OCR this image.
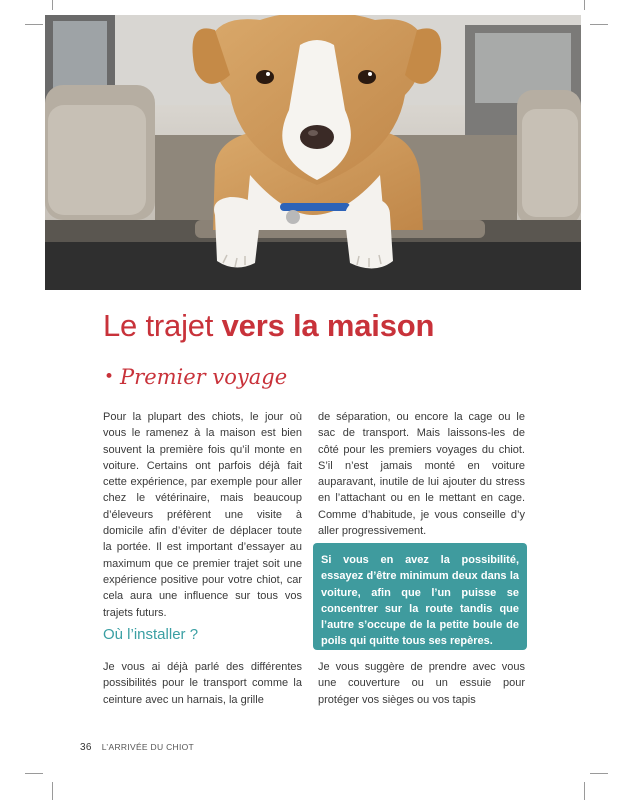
Le trajet vers la maison
• Premier voyage

Pour la plupart des chiots, le jour où vous le ramenez à la maison est bien souvent la première fois qu’il monte en voiture. Certains ont parfois déjà fait cette expérience, par exemple pour aller chez le vétérinaire, mais beaucoup d’éleveurs préfèrent une visite à domicile afin d’éviter de déplacer toute la portée. Il est important d’essayer au maximum que ce premier trajet soit une expérience positive pour votre chiot, car cela aura une influence sur tous vos trajets futurs.

de séparation, ou encore la cage ou le sac de transport. Mais laissons-les de côté pour les premiers voyages du chiot. S’il n’est jamais monté en voiture auparavant, inutile de lui ajouter du stress en l’attachant ou en le mettant en cage. Comme d’habitude, je vous conseille d’y aller progressivement.

Si vous en avez la possibilité, essayez d’être minimum deux dans la voiture, afin que l’un puisse se concentrer sur la route tandis que l’autre s’occupe de la petite boule de poils qui quitte tous ses repères.

Où l’installer ?

Je vous ai déjà parlé des différentes possibilités pour le transport comme la ceinture avec un harnais, la grille

Je vous suggère de prendre avec vous une couverture ou un essuie pour protéger vos sièges ou vos tapis

36 L’ARRIVÉE DU CHIOT
